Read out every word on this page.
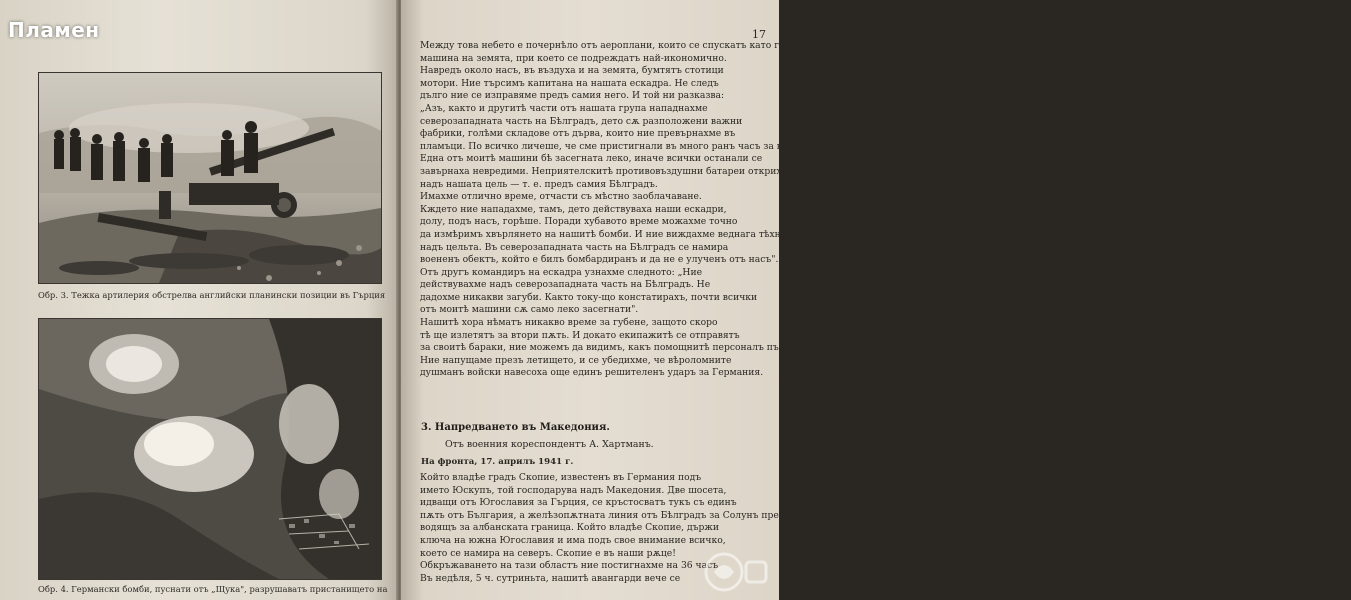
Обр. 3. Тежка артилерия обстрелва английски планински позиции въ Гърция
Обр. 4. Германски бомби, пуснати отъ „Щука", разрушаватъ пристанището на
17
Между това небето е почернѣло отъ аероплани, които се спускатъ като гигантски свѣтки отъ облацитѣ, кацайки машина следъ
машина на земята, при което се подреждатъ най-икономично.
Навредъ около насъ, въ въздуха и на земята, бумтятъ стотици
мотори. Ние търсимъ капитана на нашата ескадра. Не следъ
дълго ние се изправяме предъ самия него. И той ни разказва:
„Азъ, както и другитѣ части отъ нашата група нападнахме
северозападната часть на Бѣлградъ, дето сѫ разположени важни
фабрики, голѣми складове отъ дърва, които ние превърнахме въ
пламъци. По всичко личеше, че сме пристигнали въ много ранъ часъ за югославянитѣ, които не бѣха ни най-малко очаквали.
Една отъ моитѣ машини бѣ засегната леко, иначе всички останали се
завърнаха невредими. Неприятелскитѣ противовъздушни батареи открихъ огънь, едва когато ние бѣхме вече
надъ нашата цель — т. е. предъ самия Бѣлградъ.
Имахме отлично време, отчасти съ мѣстно заоблачаване.
Кждето ние нападахме, тамъ, дето действуваха наши ескадри,
долу, подъ насъ, горѣше. Поради хубавото време можахме точно
да измѣримъ хвърлянето на нашитѣ бомби. И ние виждахме веднага тѣхното действие и знаехме, че то бѣше отлично. Ние знаехме, че бѣхме натоварили тежки бомби. Тѣ се изсипаха точно
надъ цельта. Въ северозападната часть на Бѣлградъ се намира
воененъ обектъ, който е билъ бомбардиранъ и да не е улученъ отъ насъ".
Отъ другъ командиръ на ескадра узнахме следното: „Ние
действувахме надъ северозападната часть на Бѣлградъ. Не
дадохме никакви загуби. Както току-що констатирахъ, почти всички
отъ моитѣ машини сѫ само леко засегнати".
Нашитѣ хора нѣматъ никакво време за губене, защото скоро
тѣ ще излетятъ за втори пѫть. И докато екипажитѣ се отправятъ
за своитѣ бараки, ние можемъ да видимъ, какъ помощнитѣ персоналъ пълни резервоаритѣ съ бензинъ и провѣрява моторитѣ.
Ние напущаме презъ летището, и се убедихме, че вѣроломните
душманъ войски навесоха още единъ решителенъ ударъ за Германия.
3. Напредването въ Македония.
Отъ военния кореспондентъ А. Хартманъ.
На фронта, 17. априлъ 1941 г.
Който владѣе градъ Скопие, известенъ въ Германия подъ
името Юскупъ, той господарува надъ Македония. Две шосета,
идващи отъ Югославия за Гърция, се кръстосватъ тукъ съ единъ
пѫть отъ България, а желѣзопѫтната линия отъ Бѣлградъ за Солунъ презъ Нишъ се сърезва при Скопие съ тѣснолинейния пѫть,
водящъ за албанската граница. Който владѣе Скопие, държи
ключа на южна Югославия и има подъ свое внимание всичко,
което се намира на северъ. Скопие е въ наши рѫце!
Обкръжаването на тази областъ ние постигнахме на 36 часъ
Въ недѣля, 5 ч. сутриньта, нашитѣ авангарди вече се
Пламен
